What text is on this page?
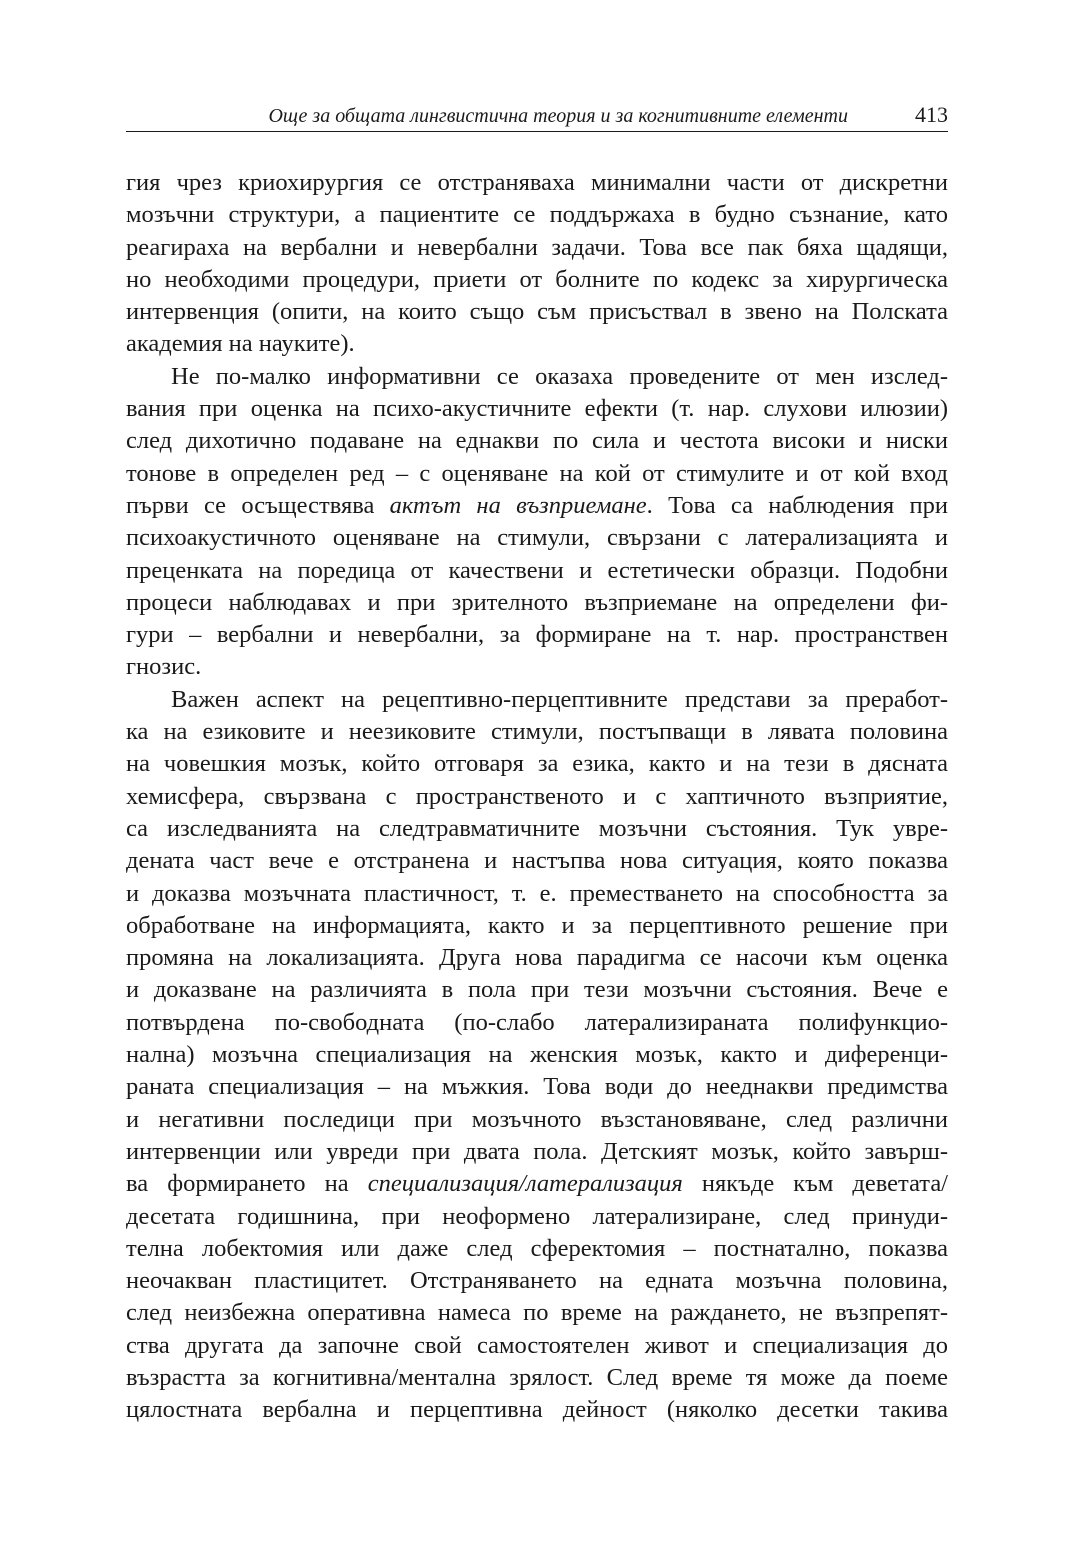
Още за общата лингвистична теория и за когнитивните елементи	413
гия чрез криохирургия се отстраняваха минимални части от дискретни
мозъчни структури, а пациентите се поддържаха в будно съзнание, като
реагираха на вербални и невербални задачи. Това все пак бяха щадящи,
но необходими процедури, приети от болните по кодекс за хирургическа
интервенция (опити, на които също съм присъствал в звено на Полската
академия на науките).
Не по-малко информативни се оказаха проведените от мен изслед-
вания при оценка на психо-акустичните ефекти (т. нар. слухови илюзии)
след дихотично подаване на еднакви по сила и честота високи и ниски
тонове в определен ред – с оценяване на кой от стимулите и от кой вход
първи се осъществява актът на възприемане. Това са наблюдения при
психоакустичното оценяване на стимули, свързани с латерализацията и
преценката на поредица от качествени и естетически образци. Подобни
процеси наблюдавах и при зрителното възприемане на определени фи-
гури – вербални и невербални, за формиране на т. нар. пространствен
гнозис.
Важен аспект на рецептивно-перцептивните представи за преработ-
ка на езиковите и неезиковите стимули, постъпващи в лявата половина
на човешкия мозък, който отговаря за езика, както и на тези в дясната
хемисфера, свързвана с пространственото и с хаптичното възприятие,
са изследванията на следтравматичните мозъчни състояния. Тук увре-
дената част вече е отстранена и настъпва нова ситуация, която показва
и доказва мозъчната пластичност, т. е. преместването на способността за
обработване на информацията, както и за перцептивното решение при
промяна на локализацията. Друга нова парадигма се насочи към оценка
и доказване на различията в пола при тези мозъчни състояния. Вече е
потвърдена по-свободната (по-слабо латерализираната полифункцио-
нална) мозъчна специализация на женския мозък, както и диференци-
раната специализация – на мъжкия. Това води до нееднакви предимства
и негативни последици при мозъчното възстановяване, след различни
интервенции или увреди при двата пола. Детският мозък, който завърш-
ва формирането на специализация/латерализация някъде към деветата/
десетата годишнина, при неоформено латерализиране, след принуди-
телна лобектомия или даже след сферектомия – постнатално, показва
неочакван пластицитет. Отстраняването на едната мозъчна половина,
след неизбежна оперативна намеса по време на раждането, не възпрепят-
ства другата да започне свой самостоятелен живот и специализация до
възрастта за когнитивна/ментална зрялост. След време тя може да поеме
цялостната вербална и перцептивна дейност (няколко десетки такива
